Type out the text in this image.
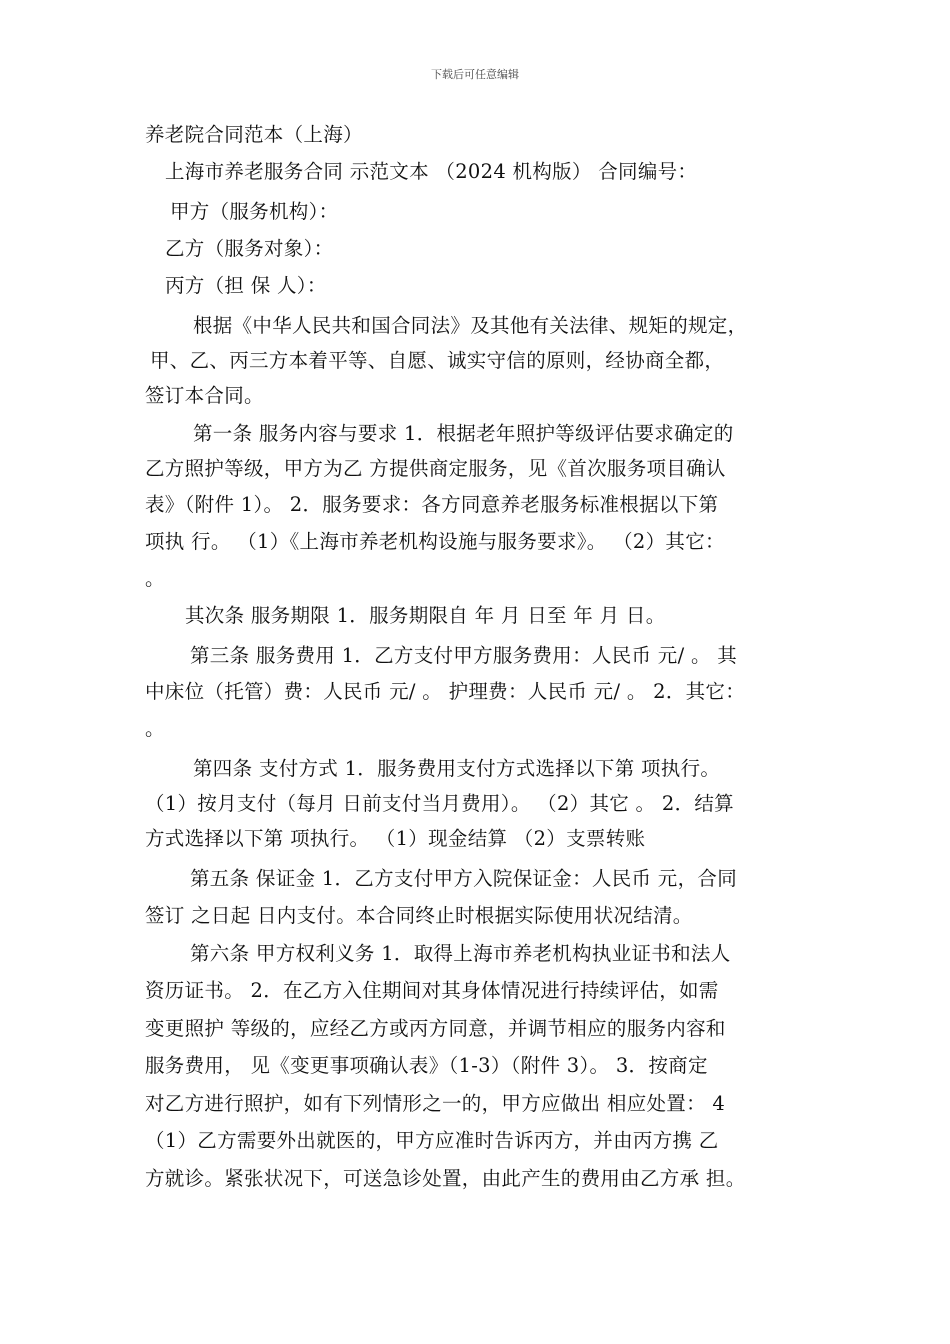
下载后可任意编辑
养老院合同范本（上海）
上海市养老服务合同 示范文本 （2024 机构版） 合同编号：
甲方（服务机构）：
乙方（服务对象）：
丙方（担 保 人）：
根据《中华人民共和国合同法》及其他有关法律、规矩的规定，
甲、乙、丙三方本着平等、自愿、诚实守信的原则，经协商全都，
签订本合同。
第一条 服务内容与要求 1．根据老年照护等级评估要求确定的
乙方照护等级，甲方为乙 方提供商定服务，见《首次服务项目确认
表》（附件 1）。 2．服务要求：各方同意养老服务标准根据以下第
项执 行。 （1）《上海市养老机构设施与服务要求》。 （2）其它：
。
其次条 服务期限 1．服务期限自 年 月 日至 年 月 日。
第三条 服务费用 1．乙方支付甲方服务费用：人民币 元/ 。 其
中床位（托管）费：人民币 元/ 。 护理费：人民币 元/ 。 2．其它：
。
第四条 支付方式 1．服务费用支付方式选择以下第 项执行。
（1）按月支付（每月 日前支付当月费用）。 （2）其它 。 2．结算
方式选择以下第 项执行。 （1）现金结算 （2）支票转账
第五条 保证金 1．乙方支付甲方入院保证金：人民币 元，合同
签订 之日起 日内支付。本合同终止时根据实际使用状况结清。
第六条 甲方权利义务 1．取得上海市养老机构执业证书和法人
资历证书。 2．在乙方入住期间对其身体情况进行持续评估，如需
变更照护 等级的，应经乙方或丙方同意，并调节相应的服务内容和
服务费用， 见《变更事项确认表》（1-3）（附件 3）。 3．按商定
对乙方进行照护，如有下列情形之一的，甲方应做出 相应处置： 4
（1）乙方需要外出就医的，甲方应准时告诉丙方，并由丙方携 乙
方就诊。紧张状况下，可送急诊处置，由此产生的费用由乙方承 担。
